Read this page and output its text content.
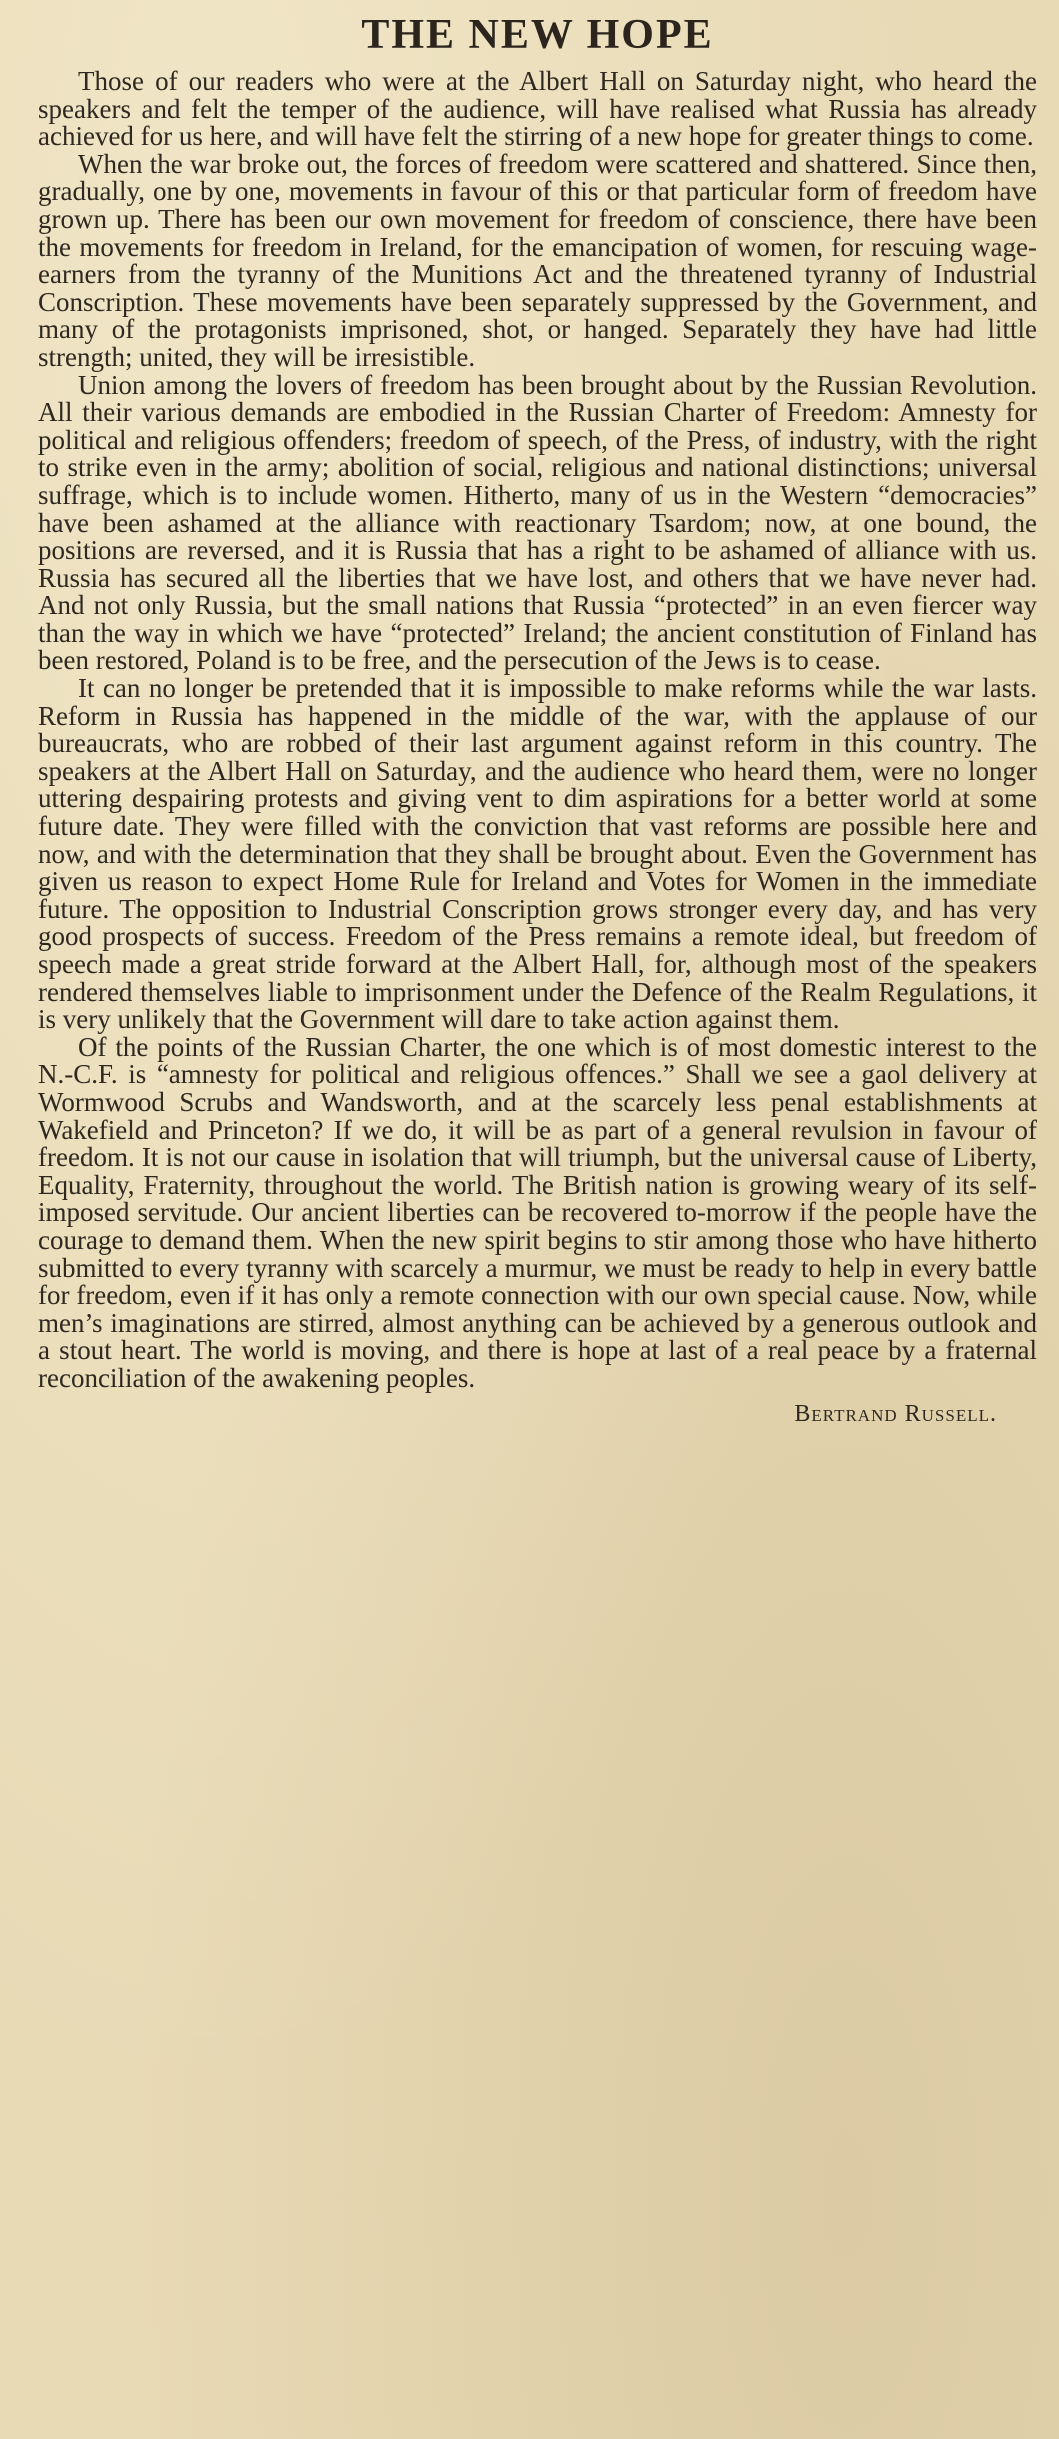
THE NEW HOPE

Those of our readers who were at the Albert Hall on Saturday night, who heard the speakers and felt the temper of the audience, will have realised what Russia has already achieved for us here, and will have felt the stirring of a new hope for greater things to come.

When the war broke out, the forces of freedom were scattered and shattered. Since then, gradually, one by one, movements in favour of this or that particular form of freedom have grown up. There has been our own movement for freedom of conscience, there have been the movements for freedom in Ireland, for the emancipation of women, for rescuing wage-earners from the tyranny of the Munitions Act and the threatened tyranny of Industrial Conscription. These movements have been separately suppressed by the Government, and many of the protagonists imprisoned, shot, or hanged. Separately they have had little strength; united, they will be irresistible.

Union among the lovers of freedom has been brought about by the Russian Revolution. All their various demands are embodied in the Russian Charter of Freedom: Amnesty for political and religious offenders; freedom of speech, of the Press, of industry, with the right to strike even in the army; abolition of social, religious and national distinctions; universal suffrage, which is to include women. Hitherto, many of us in the Western “democracies” have been ashamed at the alliance with reactionary Tsardom; now, at one bound, the positions are reversed, and it is Russia that has a right to be ashamed of alliance with us. Russia has secured all the liberties that we have lost, and others that we have never had. And not only Russia, but the small nations that Russia “protected” in an even fiercer way than the way in which we have “protected” Ireland; the ancient constitution of Finland has been restored, Poland is to be free, and the persecution of the Jews is to cease.

It can no longer be pretended that it is impossible to make reforms while the war lasts. Reform in Russia has happened in the middle of the war, with the applause of our bureaucrats, who are robbed of their last argument against reform in this country. The speakers at the Albert Hall on Saturday, and the audience who heard them, were no longer uttering despairing protests and giving vent to dim aspirations for a better world at some future date. They were filled with the conviction that vast reforms are possible here and now, and with the determination that they shall be brought about. Even the Government has given us reason to expect Home Rule for Ireland and Votes for Women in the immediate future. The opposition to Industrial Conscription grows stronger every day, and has very good prospects of success. Freedom of the Press remains a remote ideal, but freedom of speech made a great stride forward at the Albert Hall, for, although most of the speakers rendered themselves liable to imprisonment under the Defence of the Realm Regulations, it is very unlikely that the Government will dare to take action against them.

Of the points of the Russian Charter, the one which is of most domestic interest to the N.-C.F. is “amnesty for political and religious offences.” Shall we see a gaol delivery at Wormwood Scrubs and Wandsworth, and at the scarcely less penal establishments at Wakefield and Princeton? If we do, it will be as part of a general revulsion in favour of freedom. It is not our cause in isolation that will triumph, but the universal cause of Liberty, Equality, Fraternity, throughout the world. The British nation is growing weary of its self-imposed servitude. Our ancient liberties can be recovered to-morrow if the people have the courage to demand them. When the new spirit begins to stir among those who have hitherto submitted to every tyranny with scarcely a murmur, we must be ready to help in every battle for freedom, even if it has only a remote connection with our own special cause. Now, while men’s imaginations are stirred, almost anything can be achieved by a generous outlook and a stout heart. The world is moving, and there is hope at last of a real peace by a fraternal reconciliation of the awakening peoples.

Bertrand Russell.
